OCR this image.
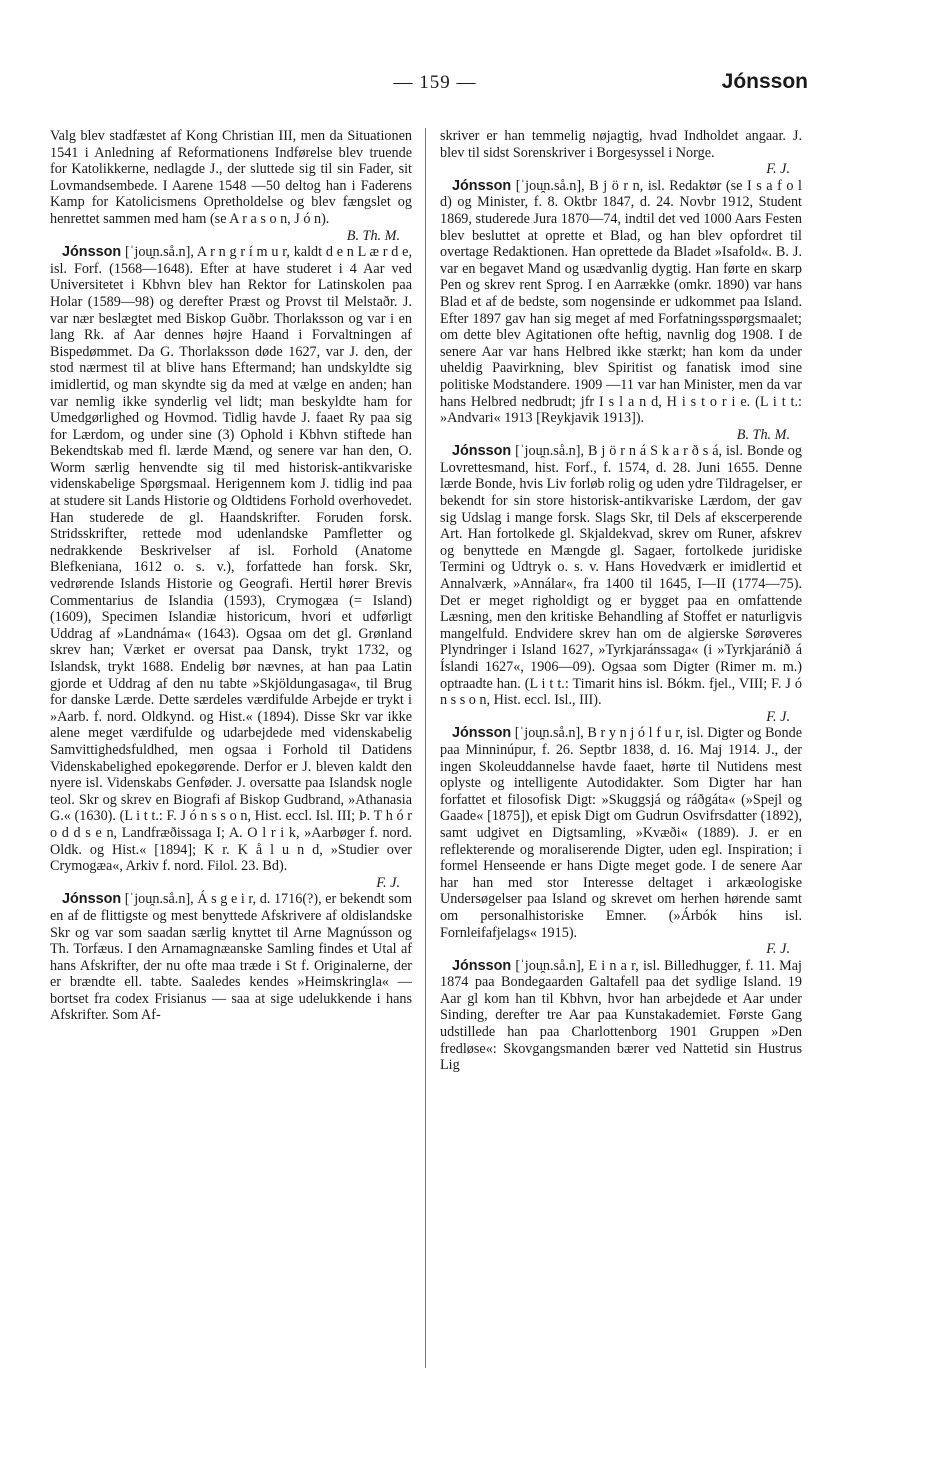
— 159 —	Jónsson

Valg blev stadfæstet af Kong Christian III, men da Situationen 1541 i Anledning af Reformationens Indførelse blev truende for Katolikkerne, nedlagde J., der sluttede sig til sin Fader, sit Lovmandsembede. I Aarene 1548 —50 deltog han i Faderens Kamp for Katolicismens Opretholdelse og blev fængslet og henrettet sammen med ham (se A r a s o n, J ó n).

B. Th. M.

Jónsson [ˈjou̯n.så.n], A r n g r í m u r, kaldt d e n L æ r d e, isl. Forf. (1568—1648). Efter at have studeret i 4 Aar ved Universitetet i Kbhvn blev han Rektor for Latinskolen paa Holar (1589—98) og derefter Præst og Provst til Melstaðr. J. var nær beslægtet med Biskop Guðbr. Thorlaksson og var i en lang Rk. af Aar dennes højre Haand i Forvaltningen af Bispedømmet. Da G. Thorlaksson døde 1627, var J. den, der stod nærmest til at blive hans Eftermand; han undskyldte sig imidlertid, og man skyndte sig da med at vælge en anden; han var nemlig ikke synderlig vel lidt; man beskyldte ham for Umedgørlighed og Hovmod. Tidlig havde J. faaet Ry paa sig for Lærdom, og under sine (3) Ophold i Kbhvn stiftede han Bekendtskab med fl. lærde Mænd, og senere var han den, O. Worm særlig henvendte sig til med historisk-antikvariske videnskabelige Spørgsmaal. Herigennem kom J. tidlig ind paa at studere sit Lands Historie og Oldtidens Forhold overhovedet. Han studerede de gl. Haandskrifter. Foruden forsk. Stridsskrifter, rettede mod udenlandske Pamfletter og nedrakkende Beskrivelser af isl. Forhold (Anatome Blefkeniana, 1612 o. s. v.), forfattede han forsk. Skr, vedrørende Islands Historie og Geografi. Hertil hører Brevis Commentarius de Islandia (1593), Crymogæa (= Island) (1609), Specimen Islandiæ historicum, hvori et udførligt Uddrag af »Landnáma« (1643). Ogsaa om det gl. Grønland skrev han; Værket er oversat paa Dansk, trykt 1732, og Islandsk, trykt 1688. Endelig bør nævnes, at han paa Latin gjorde et Uddrag af den nu tabte »Skjöldungasaga«, til Brug for danske Lærde. Dette særdeles værdifulde Arbejde er trykt i »Aarb. f. nord. Oldkynd. og Hist.« (1894). Disse Skr var ikke alene meget værdifulde og udarbejdede med videnskabelig Samvittighedsfuldhed, men ogsaa i Forhold til Datidens Videnskabelighed epokegørende. Derfor er J. bleven kaldt den nyere isl. Videnskabs Genføder. J. oversatte paa Islandsk nogle teol. Skr og skrev en Biografi af Biskop Gudbrand, »Athanasia G.« (1630). (L i t t.: F. J ó n s s o n, Hist. eccl. Isl. III; Þ. T h ó r o d d s e n, Landfræðissaga I; A. O l r i k, »Aarbøger f. nord. Oldk. og Hist.« [1894]; K r. K å l u n d, »Studier over Crymogæa«, Arkiv f. nord. Filol. 23. Bd).

F. J.

Jónsson [ˈjou̯n.så.n], Á s g e i r, d. 1716(?), er bekendt som en af de flittigste og mest benyttede Afskrivere af oldislandske Skr og var som saadan særlig knyttet til Arne Magnússon og Th. Torfæus. I den Arnamagnæanske Samling findes et Utal af hans Afskrifter, der nu ofte maa træde i St f. Originalerne, der er brændte ell. tabte. Saaledes kendes »Heimskringla« — bortset fra codex Frisianus — saa at sige udelukkende i hans Afskrifter. Som Af-

skriver er han temmelig nøjagtig, hvad Indholdet angaar. J. blev til sidst Sorenskriver i Borgesyssel i Norge.

F. J.

Jónsson [ˈjou̯n.så.n], B j ö r n, isl. Redaktør (se I s a f o l d) og Minister, f. 8. Oktbr 1847, d. 24. Novbr 1912, Student 1869, studerede Jura 1870—74, indtil det ved 1000 Aars Festen blev besluttet at oprette et Blad, og han blev opfordret til overtage Redaktionen. Han oprettede da Bladet »Isafold«. B. J. var en begavet Mand og usædvanlig dygtig. Han førte en skarp Pen og skrev rent Sprog. I en Aarrække (omkr. 1890) var hans Blad et af de bedste, som nogensinde er udkommet paa Island. Efter 1897 gav han sig meget af med Forfatningsspørgsmaalet; om dette blev Agitationen ofte heftig, navnlig dog 1908. I de senere Aar var hans Helbred ikke stærkt; han kom da under uheldig Paavirkning, blev Spiritist og fanatisk imod sine politiske Modstandere. 1909 —11 var han Minister, men da var hans Helbred nedbrudt; jfr I s l a n d, H i s t o r i e. (L i t t.: »Andvari« 1913 [Reykjavik 1913]).

B. Th. M.

Jónsson [ˈjou̯n.så.n], B j ö r n á S k a r ð s á, isl. Bonde og Lovrettesmand, hist. Forf., f. 1574, d. 28. Juni 1655. Denne lærde Bonde, hvis Liv forløb rolig og uden ydre Tildragelser, er bekendt for sin store historisk-antikvariske Lærdom, der gav sig Udslag i mange forsk. Slags Skr, til Dels af ekscerperende Art. Han fortolkede gl. Skjaldekvad, skrev om Runer, afskrev og benyttede en Mængde gl. Sagaer, fortolkede juridiske Termini og Udtryk o. s. v. Hans Hovedværk er imidlertid et Annalværk, »Annálar«, fra 1400 til 1645, I—II (1774—75). Det er meget righoldigt og er bygget paa en omfattende Læsning, men den kritiske Behandling af Stoffet er naturligvis mangelfuld. Endvidere skrev han om de algierske Sørøveres Plyndringer i Island 1627, »Tyrkjaránssaga« (i »Tyrkjaránið á Íslandi 1627«, 1906—09). Ogsaa som Digter (Rimer m. m.) optraadte han. (L i t t.: Timarit hins isl. Bókm. fjel., VIII; F. J ó n s s o n, Hist. eccl. Isl., III).

F. J.

Jónsson [ˈjou̯n.så.n], B r y n j ó l f u r, isl. Digter og Bonde paa Minninúpur, f. 26. Septbr 1838, d. 16. Maj 1914. J., der ingen Skoleuddannelse havde faaet, hørte til Nutidens mest oplyste og intelligente Autodidakter. Som Digter har han forfattet et filosofisk Digt: »Skuggsjá og ráðgáta« (»Spejl og Gaade« [1875]), et episk Digt om Gudrun Osvifrsdatter (1892), samt udgivet en Digtsamling, »Kvæði« (1889). J. er en reflekterende og moraliserende Digter, uden egl. Inspiration; i formel Henseende er hans Digte meget gode. I de senere Aar har han med stor Interesse deltaget i arkæologiske Undersøgelser paa Island og skrevet om herhen hørende samt om personalhistoriske Emner. (»Árbók hins isl. Fornleifafjelags« 1915).

F. J.

Jónsson [ˈjou̯n.så.n], E i n a r, isl. Billedhugger, f. 11. Maj 1874 paa Bondegaarden Galtafell paa det sydlige Island. 19 Aar gl kom han til Kbhvn, hvor han arbejdede et Aar under Sinding, derefter tre Aar paa Kunstakademiet. Første Gang udstillede han paa Charlottenborg 1901 Gruppen »Den fredløse«: Skovgangsmanden bærer ved Nattetid sin Hustrus Lig
